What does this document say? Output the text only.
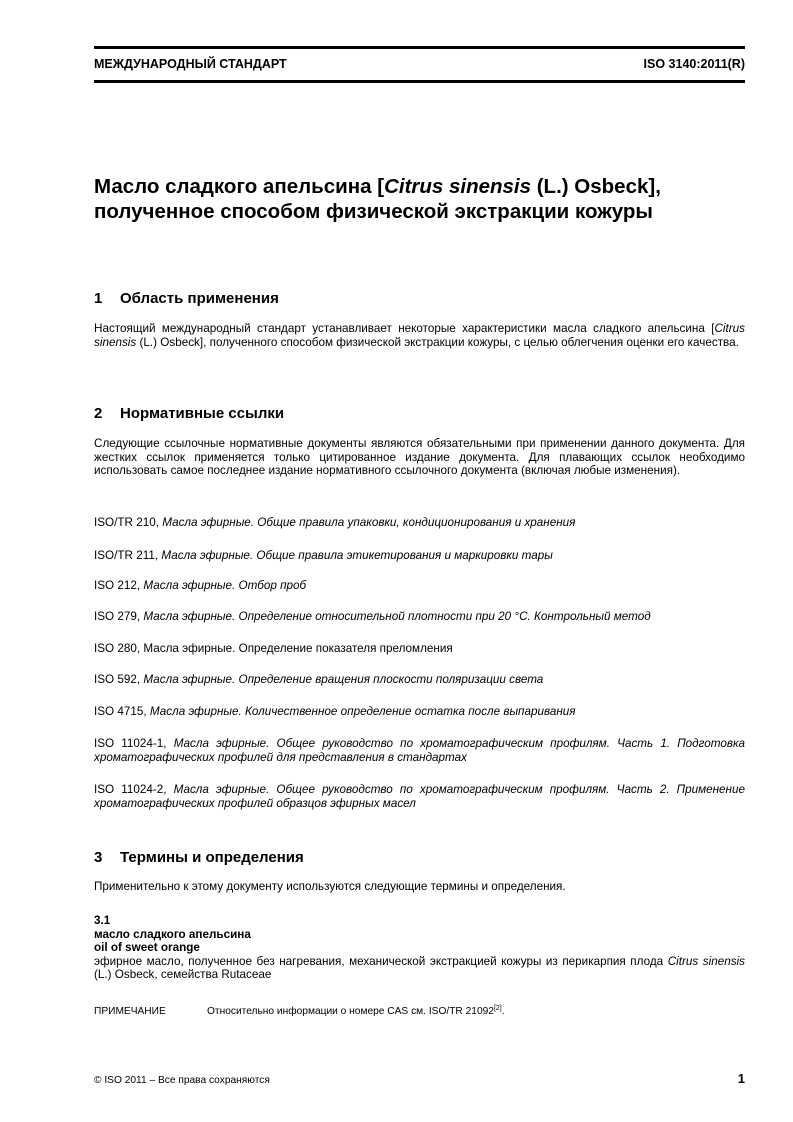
МЕЖДУНАРОДНЫЙ СТАНДАРТ	ISO 3140:2011(R)
Масло сладкого апельсина [Citrus sinensis (L.) Osbeck],
полученное способом физической экстракции кожуры
1 Область применения

Настоящий международный стандарт устанавливает некоторые характеристики масла сладкого апельсина [Citrus sinensis (L.) Osbeck], полученного способом физической экстракции кожуры, с целью облегчения оценки его качества.

2 Нормативные ссылки

Следующие ссылочные нормативные документы являются обязательными при применении данного документа. Для жестких ссылок применяется только цитированное издание документа. Для плавающих ссылок необходимо использовать самое последнее издание нормативного ссылочного документа (включая любые изменения).

ISO/TR 210, Масла эфирные. Общие правила упаковки, кондиционирования и хранения

ISO/TR 211, Масла эфирные. Общие правила этикетирования и маркировки тары

ISO 212, Масла эфирные. Отбор проб

ISO 279, Масла эфирные. Определение относительной плотности при 20 °C. Контрольный метод

ISO 280, Масла эфирные. Определение показателя преломления

ISO 592, Масла эфирные. Определение вращения плоскости поляризации света

ISO 4715, Масла эфирные. Количественное определение остатка после выпаривания

ISO 11024-1, Масла эфирные. Общее руководство по хроматографическим профилям. Часть 1. Подготовка хроматографических профилей для представления в стандартах

ISO 11024-2, Масла эфирные. Общее руководство по хроматографическим профилям. Часть 2. Применение хроматографических профилей образцов эфирных масел

3 Термины и определения

Применительно к этому документу используются следующие термины и определения.

3.1
масло сладкого апельсина
oil of sweet orange
эфирное масло, полученное без нагревания, механической экстракцией кожуры из перикарпия плода Citrus sinensis (L.) Osbeck, семейства Rutaceae
ПРИМЕЧАНИЕ	Относительно информации о номере CAS см. ISO/TR 21092[2].
© ISO 2011 – Все права сохраняются	1
